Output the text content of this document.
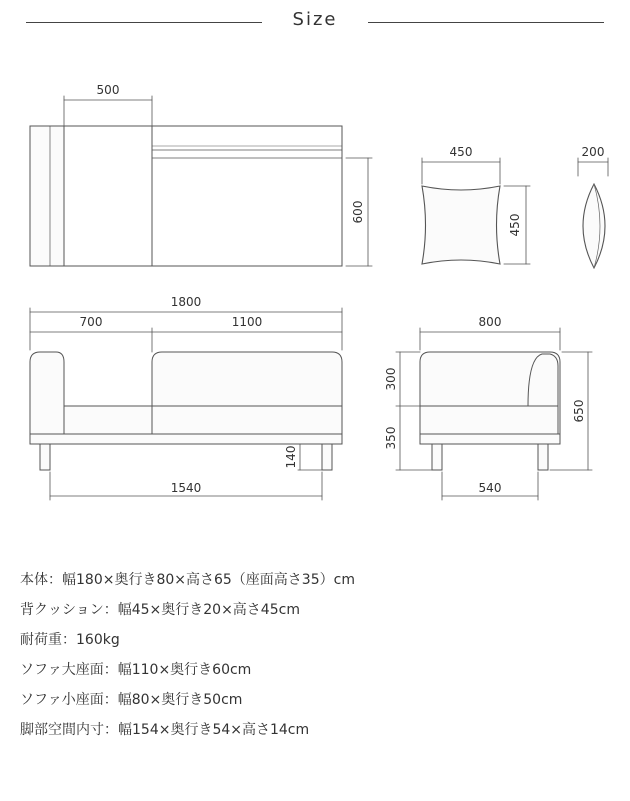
Size
500
600
450
450
200
1800
700	1100
140
1540
800
300
350
650
540
本体：幅180×奥行き80×高さ65（座面高さ35）cm
背クッション：幅45×奥行き20×高さ45cm
耐荷重：160kg
ソファ大座面：幅110×奥行き60cm
ソファ小座面：幅80×奥行き50cm
脚部空間内寸：幅154×奥行き54×高さ14cm
